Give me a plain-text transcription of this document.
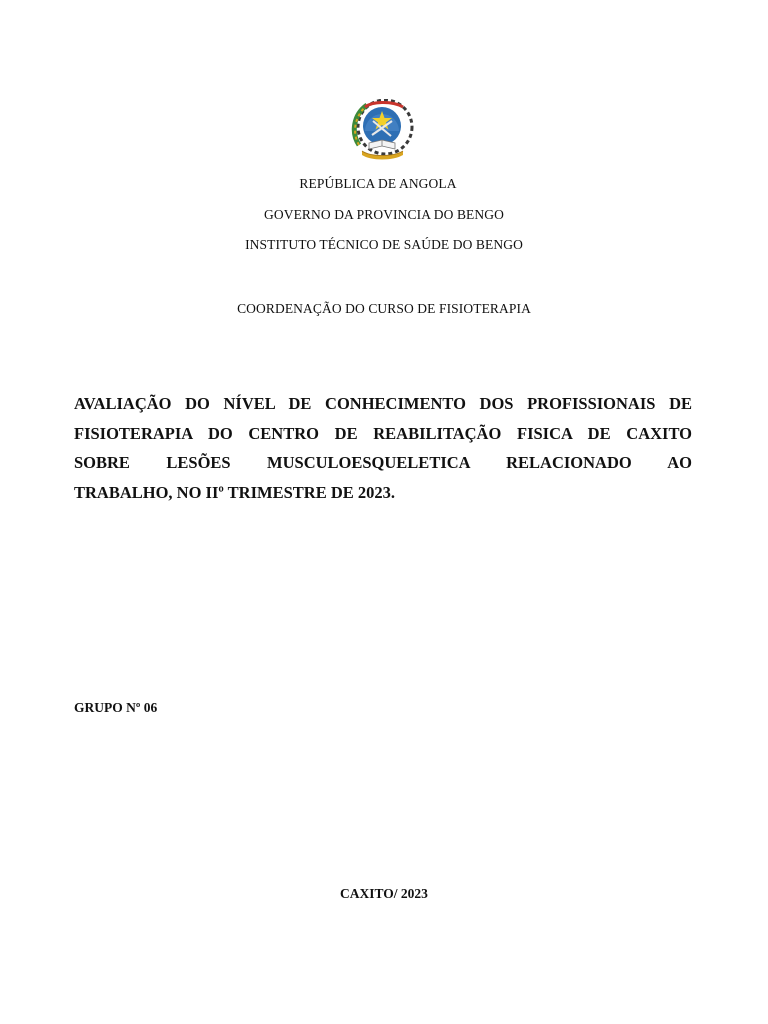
REPÚBLICA DE ANGOLA
GOVERNO DA PROVINCIA DO BENGO
INSTITUTO TÉCNICO DE SAÚDE DO BENGO
COORDENAÇÃO DO CURSO DE FISIOTERAPIA
AVALIAÇÃO DO NÍVEL DE CONHECIMENTO DOS PROFISSIONAIS DE
FISIOTERAPIA DO CENTRO DE REABILITAÇÃO FISICA DE CAXITO
SOBRE LESÕES MUSCULOESQUELETICA RELACIONADO AO
TRABALHO, NO IIº TRIMESTRE DE 2023.
GRUPO Nº 06
CAXITO/ 2023
